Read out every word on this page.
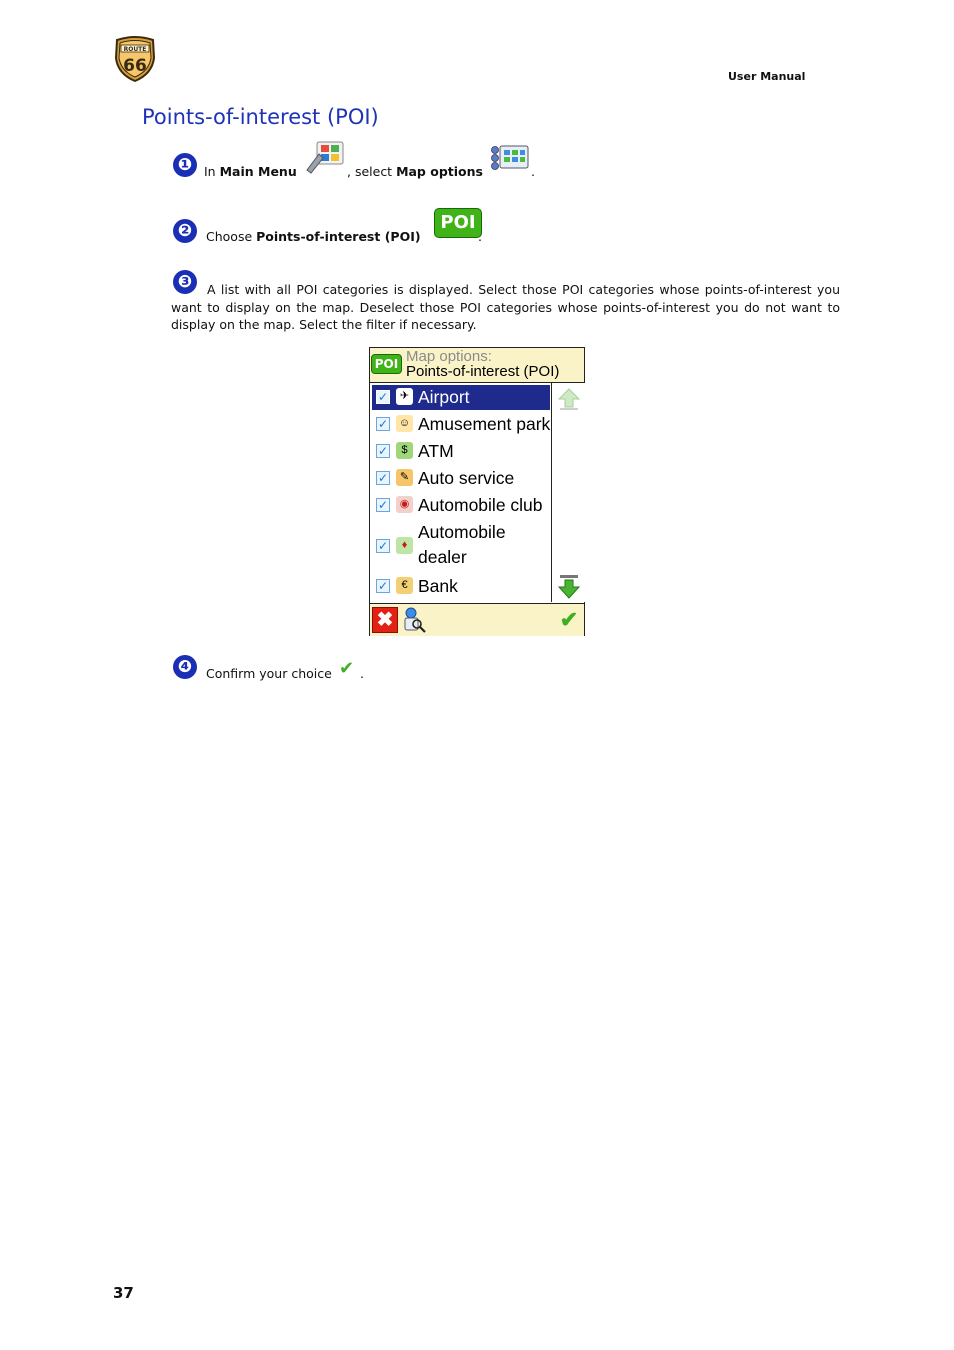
ROUTE
66
User Manual
Points-of-interest (POI)
❶ In Main Menu	, select Map options	.
❷	Choose Points-of-interest (POI)
POI
.
❸	A list with all POI categories is displayed. Select those POI categories whose points-of-interest you want to display on the map. Deselect those POI categories whose points-of-interest you do not want to display on the map. Select the filter if necessary.
POI Map options:
Points-of-interest (POI)
✓	✈ Airport
✓ ☺ Amusement park
✓	$ ATM
✓	✎ Auto service
✓	◉ Automobile club
✓	♦
Automobile
dealer
✓	€ Bank
✖	✔
❹	Confirm your choice ✔ .
37
